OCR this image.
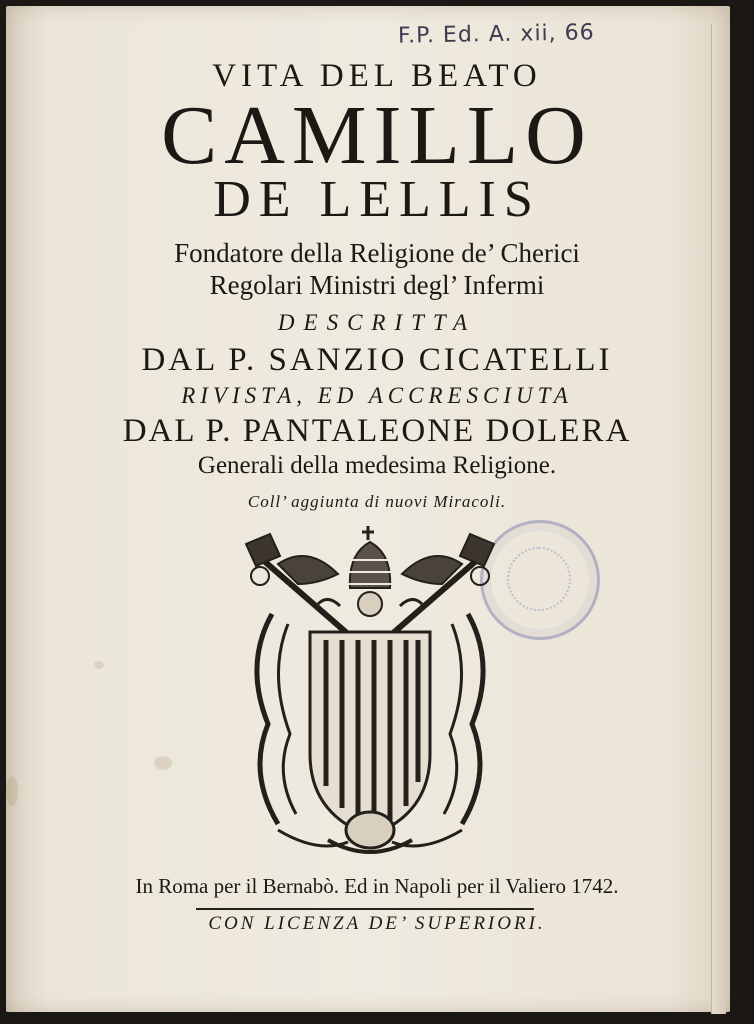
F.P. Ed. A. xii, 66
VITA DEL BEATO
CAMILLO
DE LELLIS
Fondatore della Religione de’ Cherici
Regolari Ministri degl’ Infermi
DESCRITTA
DAL P. SANZIO CICATELLI
RIVISTA, ED ACCRESCIUTA
DAL P. PANTALEONE DOLERA
Generali della medesima Religione.
Coll’ aggiunta di nuovi Miracoli.
In Roma per il Bernabò. Ed in Napoli per il Valiero 1742.
CON LICENZA DE’ SUPERIORI.
